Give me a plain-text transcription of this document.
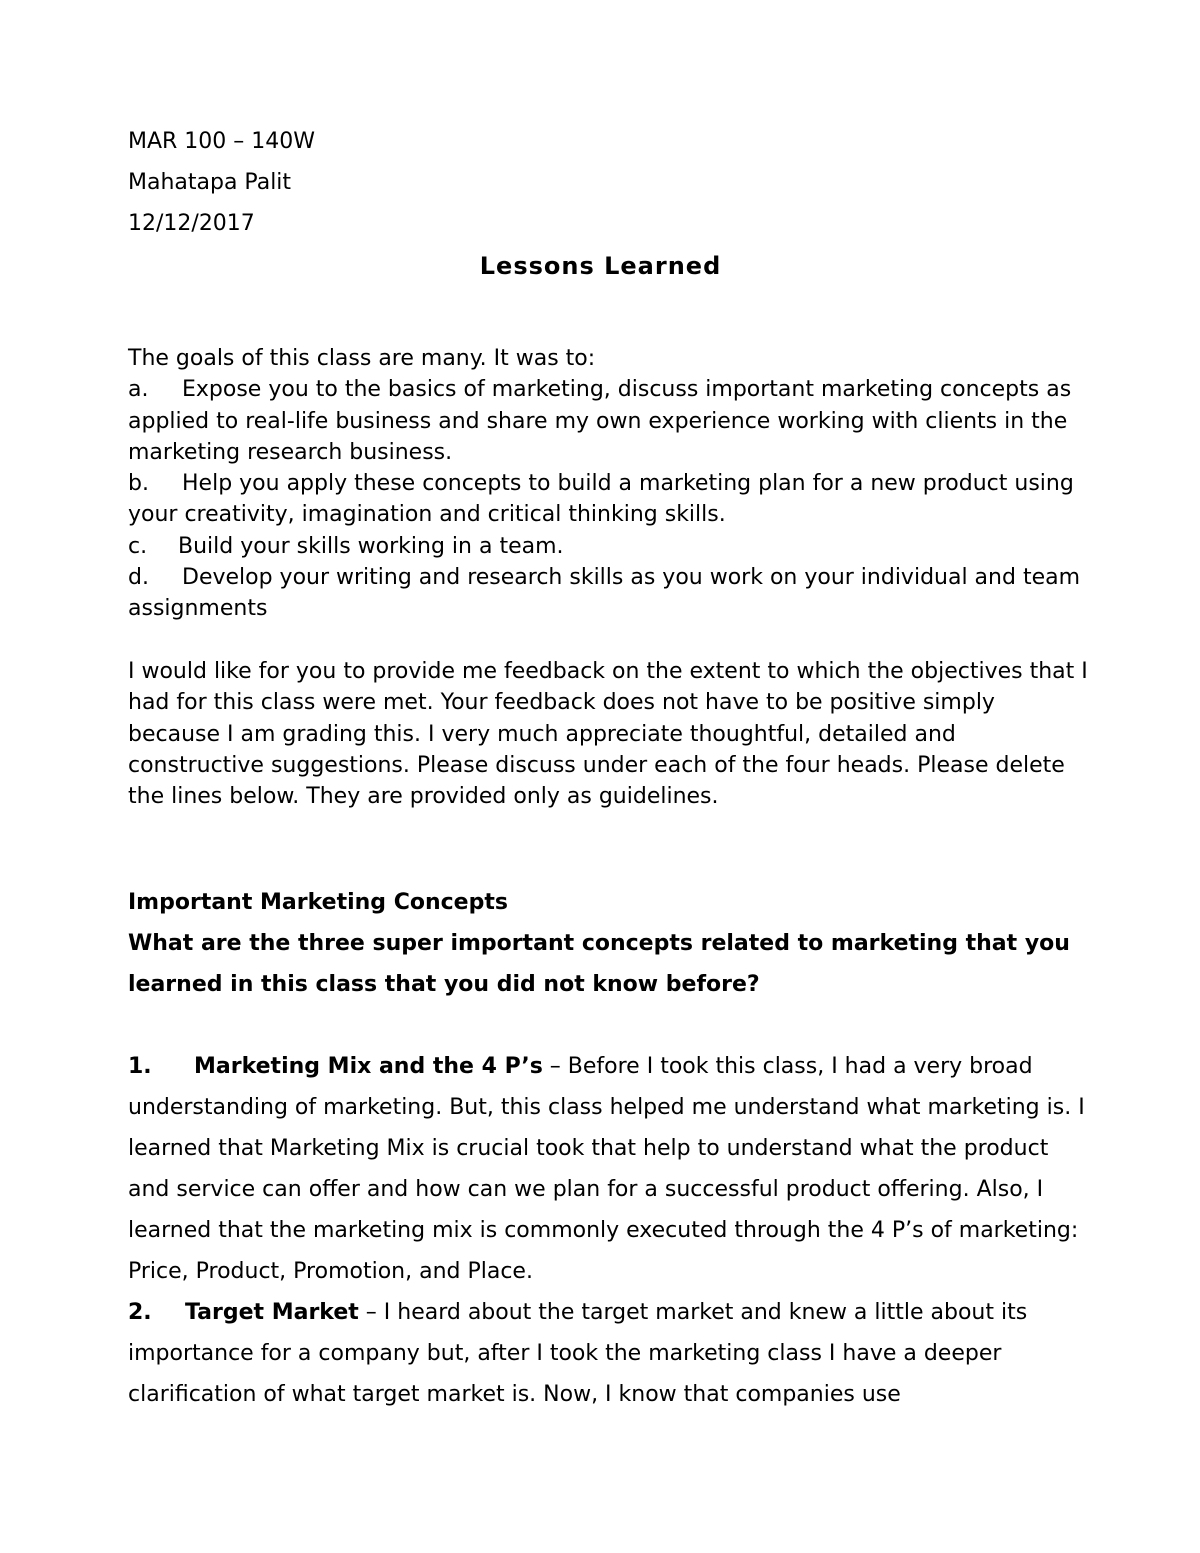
MAR 100 – 140W
Mahatapa Palit
12/12/2017
Lessons Learned

The goals of this class are many. It was to:

a. Expose you to the basics of marketing, discuss important marketing concepts as applied to real-life business and share my own experience working with clients in the marketing research business.

b. Help you apply these concepts to build a marketing plan for a new product using your creativity, imagination and critical thinking skills.

c. Build your skills working in a team.

d. Develop your writing and research skills as you work on your individual and team assignments

I would like for you to provide me feedback on the extent to which the objectives that I had for this class were met. Your feedback does not have to be positive simply because I am grading this. I very much appreciate thoughtful, detailed and constructive suggestions. Please discuss under each of the four heads. Please delete the lines below. They are provided only as guidelines.

Important Marketing Concepts

What are the three super important concepts related to marketing that you learned in this class that you did not know before?

1. Marketing Mix and the 4 P’s – Before I took this class, I had a very broad understanding of marketing. But, this class helped me understand what marketing is. I learned that Marketing Mix is crucial took that help to understand what the product and service can offer and how can we plan for a successful product offering. Also, I learned that the marketing mix is commonly executed through the 4 P’s of marketing: Price, Product, Promotion, and Place.

2. Target Market – I heard about the target market and knew a little about its importance for a company but, after I took the marketing class I have a deeper clarification of what target market is. Now, I know that companies use
